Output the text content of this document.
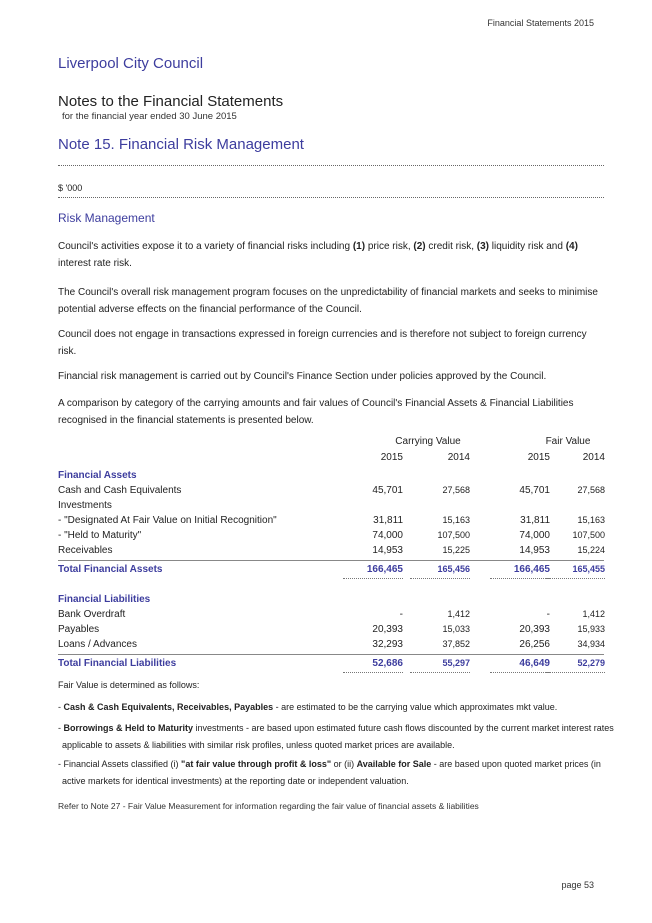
Financial Statements 2015
Liverpool City Council
Notes to the Financial Statements
for the financial year ended 30 June 2015
Note 15. Financial Risk Management
$ '000
Risk Management
Council's activities expose it to a variety of financial risks including (1) price risk, (2) credit risk, (3) liquidity risk and (4) interest rate risk.
The Council's overall risk management program focuses on the unpredictability of financial markets and seeks to minimise potential adverse effects on the financial performance of the Council.
Council does not engage in transactions expressed in foreign currencies and is therefore not subject to foreign currency risk.
Financial risk management is carried out by Council's Finance Section under policies approved by the Council.
A comparison by category of the carrying amounts and fair values of Council's Financial Assets & Financial Liabilities recognised in the financial statements is presented below.
Carrying Value	Fair Value
2015	2014	2015	2014
Financial Assets
Cash and Cash Equivalents	45,701	27,568	45,701	27,568
Investments
- "Designated At Fair Value on Initial Recognition"	31,811	15,163	31,811	15,163
- "Held to Maturity"	74,000	107,500	74,000	107,500
Receivables	14,953	15,225	14,953	15,224
Total Financial Assets	166,465	165,456	166,465	165,455
Financial Liabilities
Bank Overdraft	-	1,412	-	1,412
Payables	20,393	15,033	20,393	15,933
Loans / Advances	32,293	37,852	26,256	34,934
Total Financial Liabilities	52,686	55,297	46,649	52,279
Fair Value is determined as follows:
- Cash & Cash Equivalents, Receivables, Payables - are estimated to be the carrying value which approximates mkt value.
- Borrowings & Held to Maturity investments - are based upon estimated future cash flows discounted by the current market interest rates applicable to assets & liabilities with similar risk profiles, unless quoted market prices are available.
- Financial Assets classified (i) "at fair value through profit & loss" or (ii) Available for Sale - are based upon quoted market prices (in active markets for identical investments) at the reporting date or independent valuation.
Refer to Note 27 - Fair Value Measurement for information regarding the fair value of financial assets & liabilities
page 53
